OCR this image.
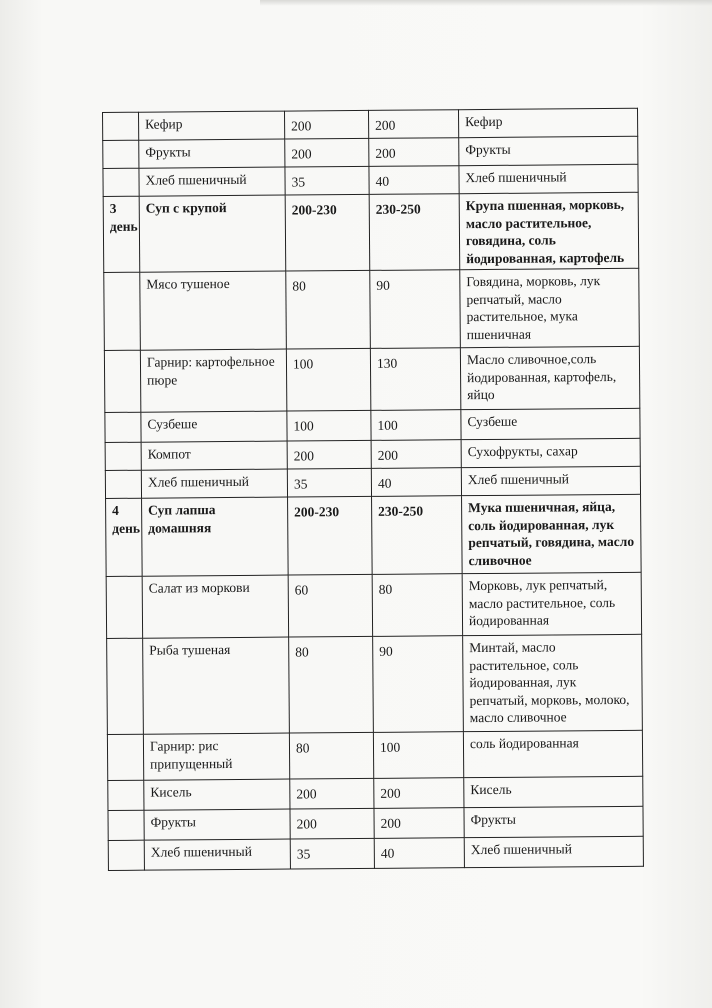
	Кефир	200	200	Кефир

	Фрукты	200	200	Фрукты

	Хлеб пшеничный	35	40	Хлеб пшеничный
3
день	Суп с крупой	200-230	230-250	Крупа пшенная, морковь, масло растительное, говядина, соль йодированная, картофель

	Мясо тушеное	80	90	Говядина, морковь, лук репчатый, масло растительное, мука пшеничная

	Гарнир: картофельное пюре	100	130	Масло сливочное,соль йодированная, картофель, яйцо

	Сузбеше	100	100	Сузбеше

	Компот	200	200	Сухофрукты, сахар

	Хлеб пшеничный	35	40	Хлеб пшеничный
4
день	Суп лапша домашняя	200-230	230-250	Мука пшеничная, яйца, соль йодированная, лук репчатый, говядина, масло сливочное

	Салат из моркови	60	80	Морковь, лук репчатый, масло растительное, соль йодированная

	Рыба тушеная	80	90	Минтай, масло растительное, соль йодированная, лук репчатый, морковь, молоко, масло сливочное

	Гарнир: рис припущенный	80	100	соль йодированная

	Кисель	200	200	Кисель

	Фрукты	200	200	Фрукты

	Хлеб пшеничный	35	40	Хлеб пшеничный
